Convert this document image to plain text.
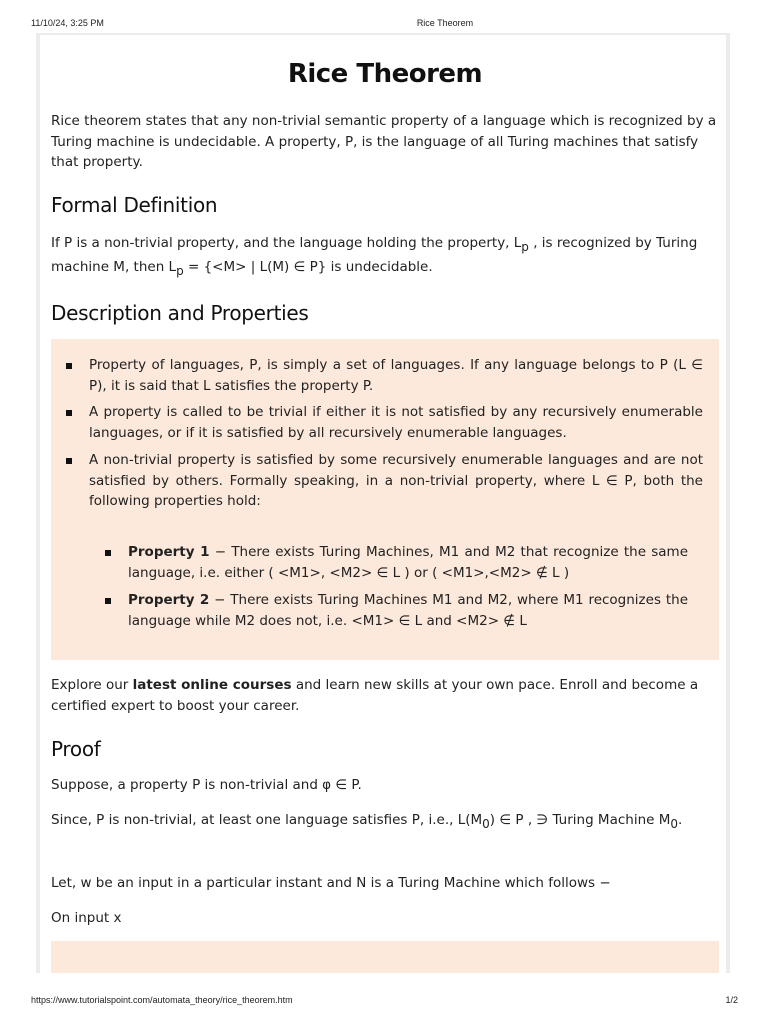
11/10/24, 3:25 PM	Rice Theorem
Rice Theorem

Rice theorem states that any non-trivial semantic property of a language which is recognized by a Turing machine is undecidable. A property, P, is the language of all Turing machines that satisfy that property.

Formal Definition

If P is a non-trivial property, and the language holding the property, $L_p$ , is recognized by Turing machine M, then $L_p = \{<M>$ | L(M) ∈ P} is undecidable.

Description and Properties
Property of languages, P, is simply a set of languages. If any language belongs to P (L ∈ P), it is said that L satisfies the property P.
A property is called to be trivial if either it is not satisfied by any recursively enumerable languages, or if it is satisfied by all recursively enumerable languages.
A non-trivial property is satisfied by some recursively enumerable languages and are not satisfied by others. Formally speaking, in a non-trivial property, where L ∈ P, both the following properties hold:
Property 1 − There exists Turing Machines, M1 and M2 that recognize the same language, i.e. either ( <M1>, <M2> ∈ L ) or ( <M1>,<M2> ∉ L )
Property 2 − There exists Turing Machines M1 and M2, where M1 recognizes the language while M2 does not, i.e. <M1> ∈ L and <M2> ∉ L

Explore our latest online courses and learn new skills at your own pace. Enroll and become a certified expert to boost your career.

Proof

Suppose, a property P is non-trivial and φ ∈ P.

Since, P is non-trivial, at least one language satisfies P, i.e., $L(M_0)$ ∈ P , ∋ Turing Machine $M_0$.

Let, w be an input in a particular instant and N is a Turing Machine which follows −

On input x

https://www.tutorialspoint.com/automata_theory/rice_theorem.htm	1/2
